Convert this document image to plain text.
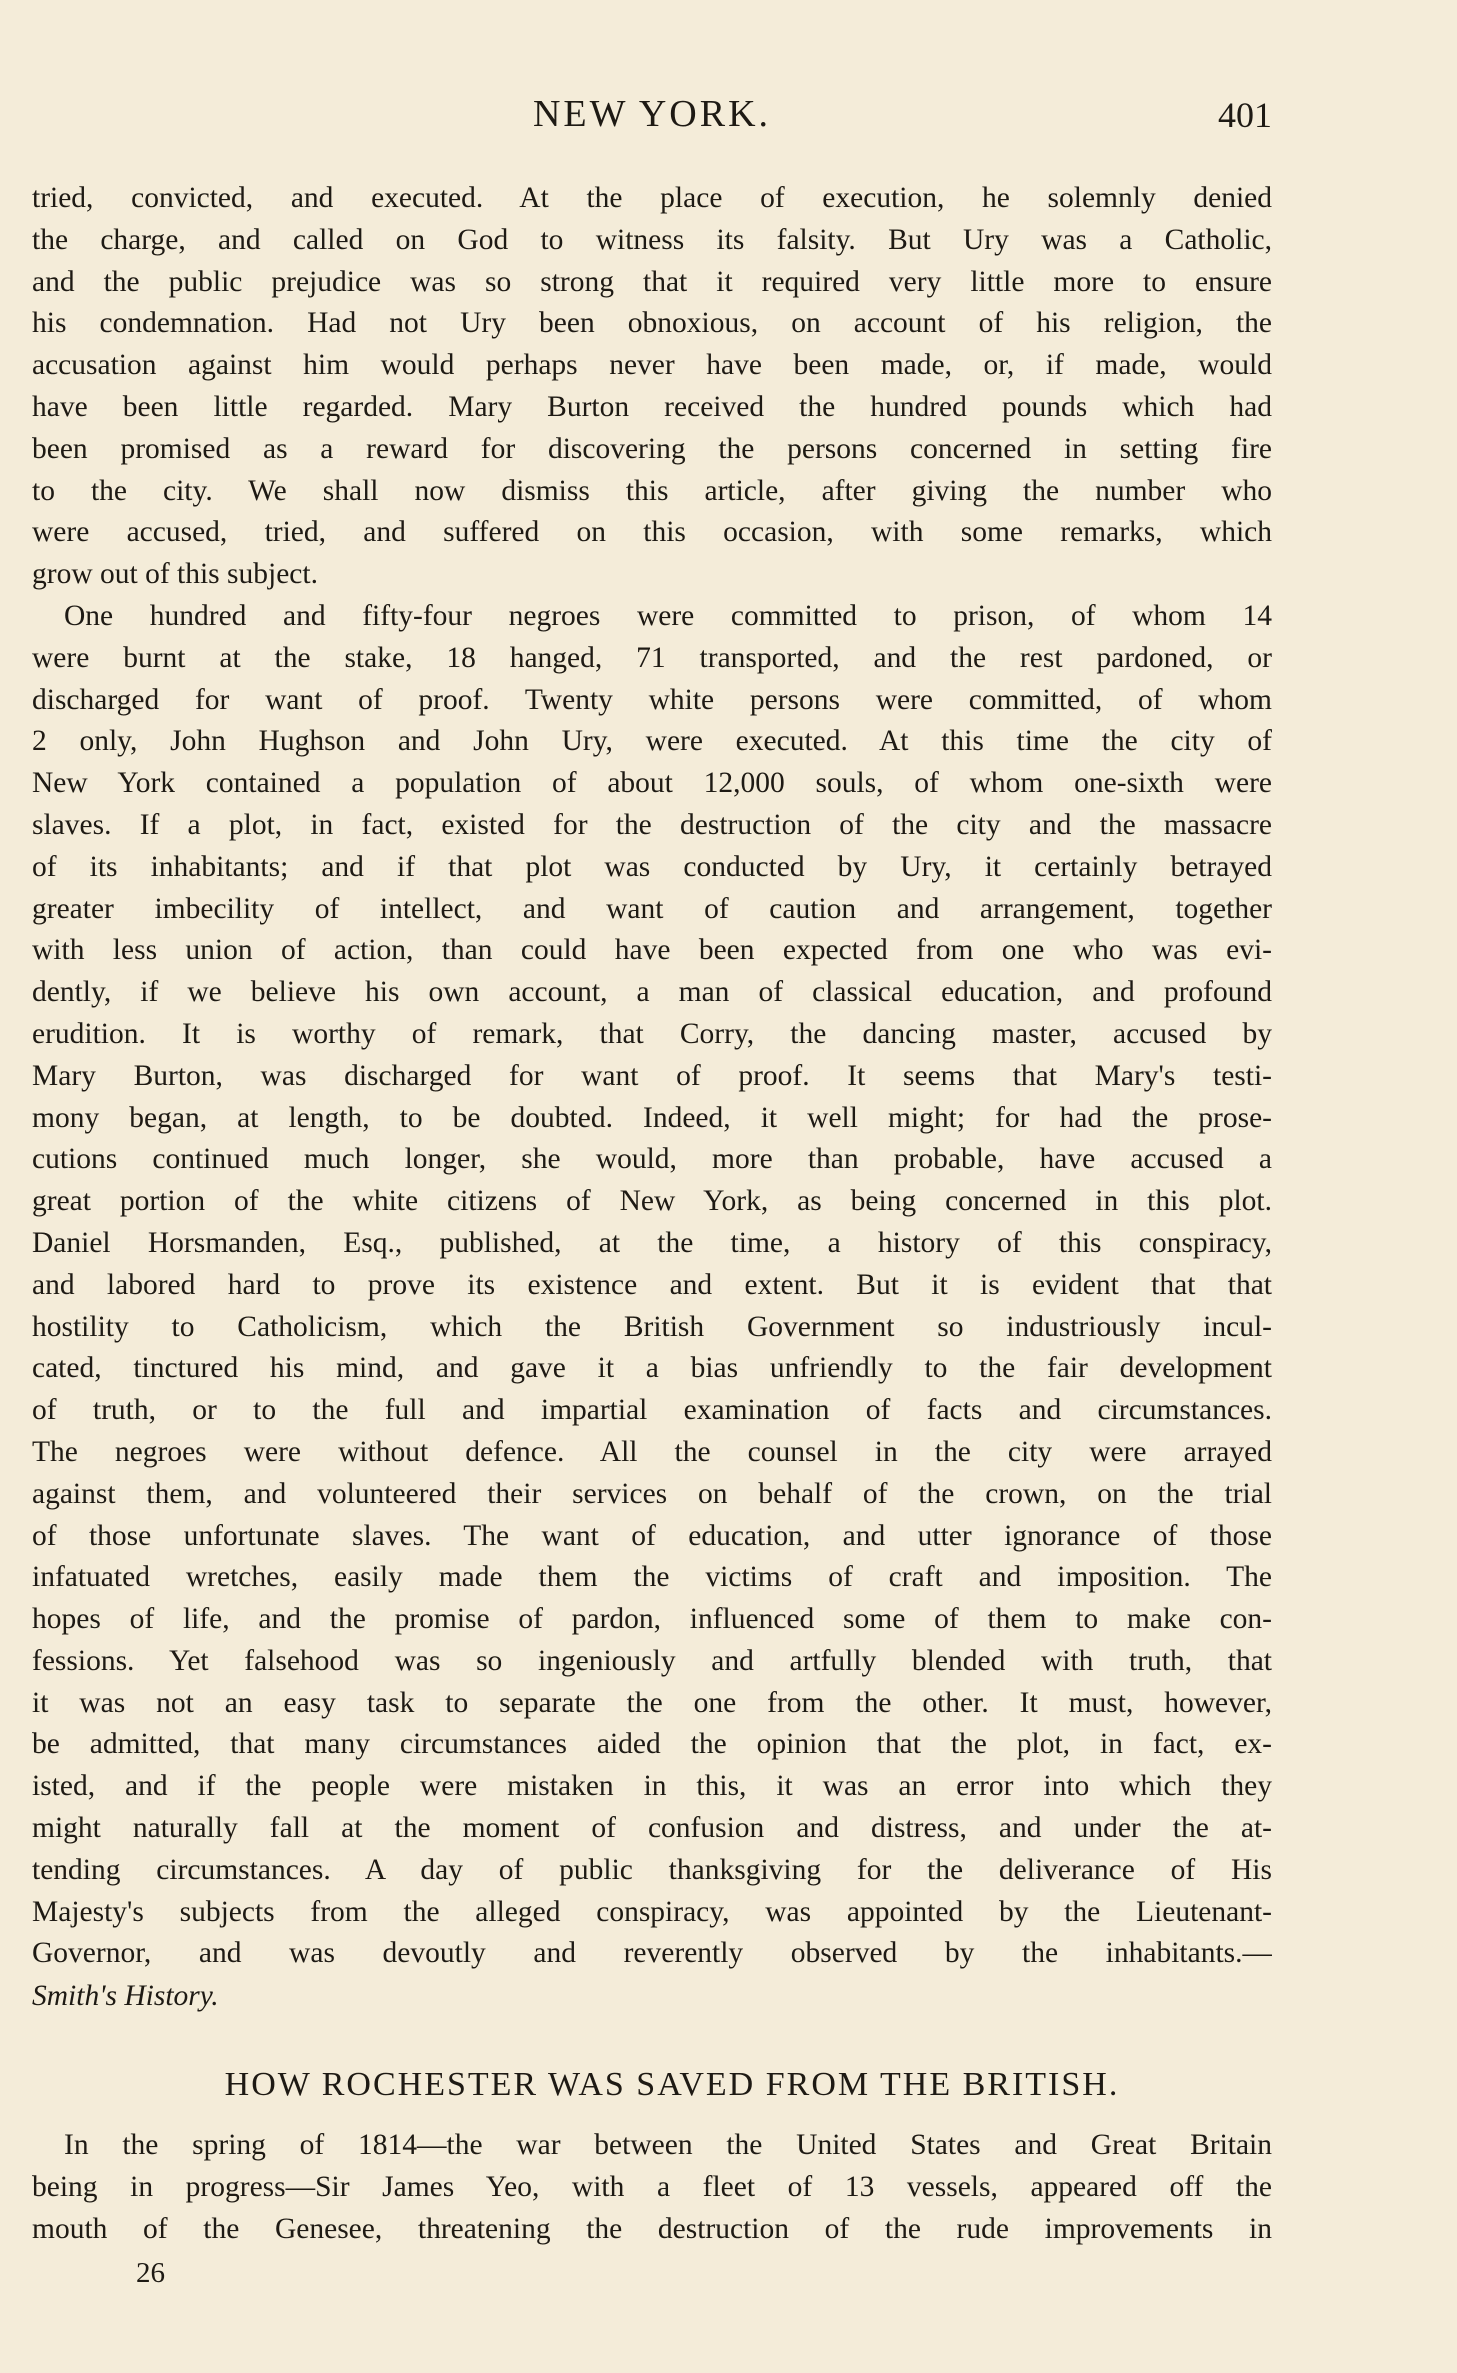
NEW YORK.	401
tried, convicted, and executed. At the place of execution, he solemnly denied
the charge, and called on God to witness its falsity. But Ury was a Catholic,
and the public prejudice was so strong that it required very little more to ensure
his condemnation. Had not Ury been obnoxious, on account of his religion, the
accusation against him would perhaps never have been made, or, if made, would
have been little regarded. Mary Burton received the hundred pounds which had
been promised as a reward for discovering the persons concerned in setting fire
to the city. We shall now dismiss this article, after giving the number who
were accused, tried, and suffered on this occasion, with some remarks, which
grow out of this subject.
One hundred and fifty-four negroes were committed to prison, of whom 14
were burnt at the stake, 18 hanged, 71 transported, and the rest pardoned, or
discharged for want of proof. Twenty white persons were committed, of whom
2 only, John Hughson and John Ury, were executed. At this time the city of
New York contained a population of about 12,000 souls, of whom one-sixth were
slaves. If a plot, in fact, existed for the destruction of the city and the massacre
of its inhabitants; and if that plot was conducted by Ury, it certainly betrayed
greater imbecility of intellect, and want of caution and arrangement, together
with less union of action, than could have been expected from one who was evi-
dently, if we believe his own account, a man of classical education, and profound
erudition. It is worthy of remark, that Corry, the dancing master, accused by
Mary Burton, was discharged for want of proof. It seems that Mary's testi-
mony began, at length, to be doubted. Indeed, it well might; for had the prose-
cutions continued much longer, she would, more than probable, have accused a
great portion of the white citizens of New York, as being concerned in this plot.
Daniel Horsmanden, Esq., published, at the time, a history of this conspiracy,
and labored hard to prove its existence and extent. But it is evident that that
hostility to Catholicism, which the British Government so industriously incul-
cated, tinctured his mind, and gave it a bias unfriendly to the fair development
of truth, or to the full and impartial examination of facts and circumstances.
The negroes were without defence. All the counsel in the city were arrayed
against them, and volunteered their services on behalf of the crown, on the trial
of those unfortunate slaves. The want of education, and utter ignorance of those
infatuated wretches, easily made them the victims of craft and imposition. The
hopes of life, and the promise of pardon, influenced some of them to make con-
fessions. Yet falsehood was so ingeniously and artfully blended with truth, that
it was not an easy task to separate the one from the other. It must, however,
be admitted, that many circumstances aided the opinion that the plot, in fact, ex-
isted, and if the people were mistaken in this, it was an error into which they
might naturally fall at the moment of confusion and distress, and under the at-
tending circumstances. A day of public thanksgiving for the deliverance of His
Majesty's subjects from the alleged conspiracy, was appointed by the Lieutenant-
Governor, and was devoutly and reverently observed by the inhabitants.—
Smith's History.
HOW ROCHESTER WAS SAVED FROM THE BRITISH.
In the spring of 1814—the war between the United States and Great Britain
being in progress—Sir James Yeo, with a fleet of 13 vessels, appeared off the
mouth of the Genesee, threatening the destruction of the rude improvements in
26
